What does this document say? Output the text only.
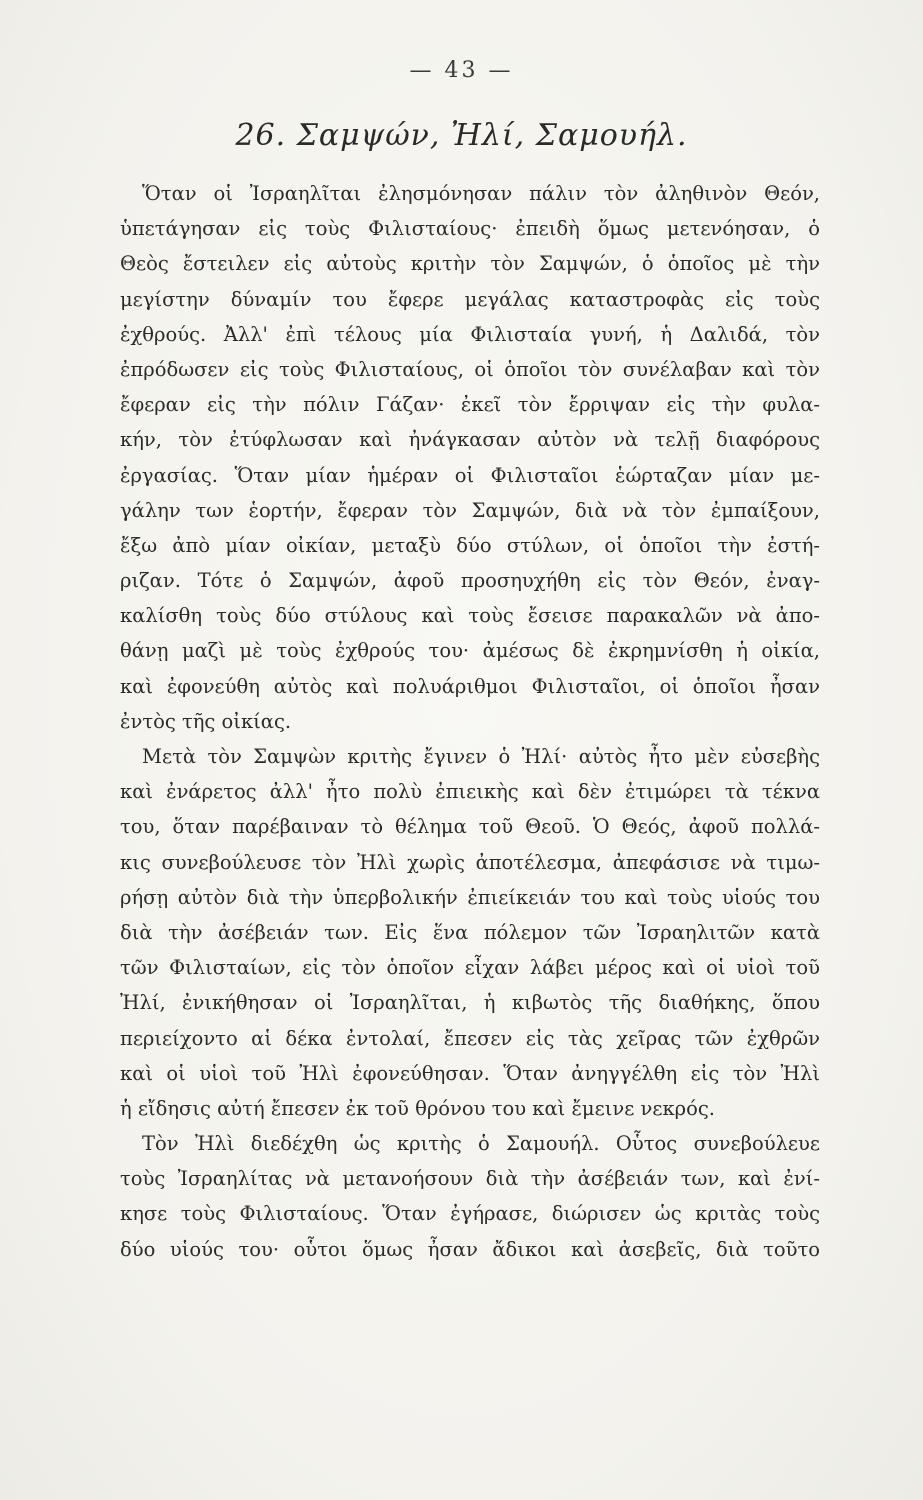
— 43 —
26. Σαμψών, Ἠλί, Σαμουήλ.
Ὅταν οἱ Ἰσραηλῖται ἐλησμόνησαν πάλιν τὸν ἀληθινὸν Θεόν,
ὑπετάγησαν εἰς τοὺς Φιλισταίους· ἐπειδὴ ὅμως μετενόησαν, ὁ
Θεὸς ἔστειλεν εἰς αὐτοὺς κριτὴν τὸν Σαμψών, ὁ ὁποῖος μὲ τὴν
μεγίστην δύναμίν του ἔφερε μεγάλας καταστροφὰς εἰς τοὺς
ἐχθρούς. Ἀλλ' ἐπὶ τέλους μία Φιλισταία γυνή, ἡ Δαλιδά, τὸν
ἐπρόδωσεν εἰς τοὺς Φιλισταίους, οἱ ὁποῖοι τὸν συνέλαβαν καὶ τὸν
ἔφεραν εἰς τὴν πόλιν Γάζαν· ἐκεῖ τὸν ἔρριψαν εἰς τὴν φυλα-
κήν, τὸν ἐτύφλωσαν καὶ ἠνάγκασαν αὐτὸν νὰ τελῇ διαφόρους
ἐργασίας. Ὅταν μίαν ἡμέραν οἱ Φιλισταῖοι ἑώρταζαν μίαν με-
γάλην των ἑορτήν, ἔφεραν τὸν Σαμψών, διὰ νὰ τὸν ἐμπαίξουν,
ἔξω ἀπὸ μίαν οἰκίαν, μεταξὺ δύο στύλων, οἱ ὁποῖοι τὴν ἐστή-
ριζαν. Τότε ὁ Σαμψών, ἀφοῦ προσηυχήθη εἰς τὸν Θεόν, ἐναγ-
καλίσθη τοὺς δύο στύλους καὶ τοὺς ἔσεισε παρακαλῶν νὰ ἀπο-
θάνῃ μαζὶ μὲ τοὺς ἐχθρούς του· ἀμέσως δὲ ἐκρημνίσθη ἡ οἰκία,
καὶ ἐφονεύθη αὐτὸς καὶ πολυάριθμοι Φιλισταῖοι, οἱ ὁποῖοι ἦσαν
ἐντὸς τῆς οἰκίας.
Μετὰ τὸν Σαμψὼν κριτὴς ἔγινεν ὁ Ἠλί· αὐτὸς ἦτο μὲν εὐσεβὴς
καὶ ἐνάρετος ἀλλ' ἦτο πολὺ ἐπιεικὴς καὶ δὲν ἐτιμώρει τὰ τέκνα
του, ὅταν παρέβαιναν τὸ θέλημα τοῦ Θεοῦ. Ὁ Θεός, ἀφοῦ πολλά-
κις συνεβούλευσε τὸν Ἠλὶ χωρὶς ἀποτέλεσμα, ἀπεφάσισε νὰ τιμω-
ρήσῃ αὐτὸν διὰ τὴν ὑπερβολικήν ἐπιείκειάν του καὶ τοὺς υἱούς του
διὰ τὴν ἀσέβειάν των. Εἰς ἕνα πόλεμον τῶν Ἰσραηλιτῶν κατὰ
τῶν Φιλισταίων, εἰς τὸν ὁποῖον εἶχαν λάβει μέρος καὶ οἱ υἱοὶ τοῦ
Ἠλί, ἐνικήθησαν οἱ Ἰσραηλῖται, ἡ κιβωτὸς τῆς διαθήκης, ὅπου
περιείχοντο αἱ δέκα ἐντολαί, ἔπεσεν εἰς τὰς χεῖρας τῶν ἐχθρῶν
καὶ οἱ υἱοὶ τοῦ Ἠλὶ ἐφονεύθησαν. Ὅταν ἀνηγγέλθη εἰς τὸν Ἠλὶ
ἡ εἴδησις αὐτή ἔπεσεν ἐκ τοῦ θρόνου του καὶ ἔμεινε νεκρός.
Τὸν Ἠλὶ διεδέχθη ὡς κριτὴς ὁ Σαμουήλ. Οὗτος συνεβούλευε
τοὺς Ἰσραηλίτας νὰ μετανοήσουν διὰ τὴν ἀσέβειάν των, καὶ ἐνί-
κησε τοὺς Φιλισταίους. Ὅταν ἐγήρασε, διώρισεν ὡς κριτὰς τοὺς
δύο υἱούς του· οὗτοι ὅμως ἦσαν ἄδικοι καὶ ἀσεβεῖς, διὰ τοῦτο
